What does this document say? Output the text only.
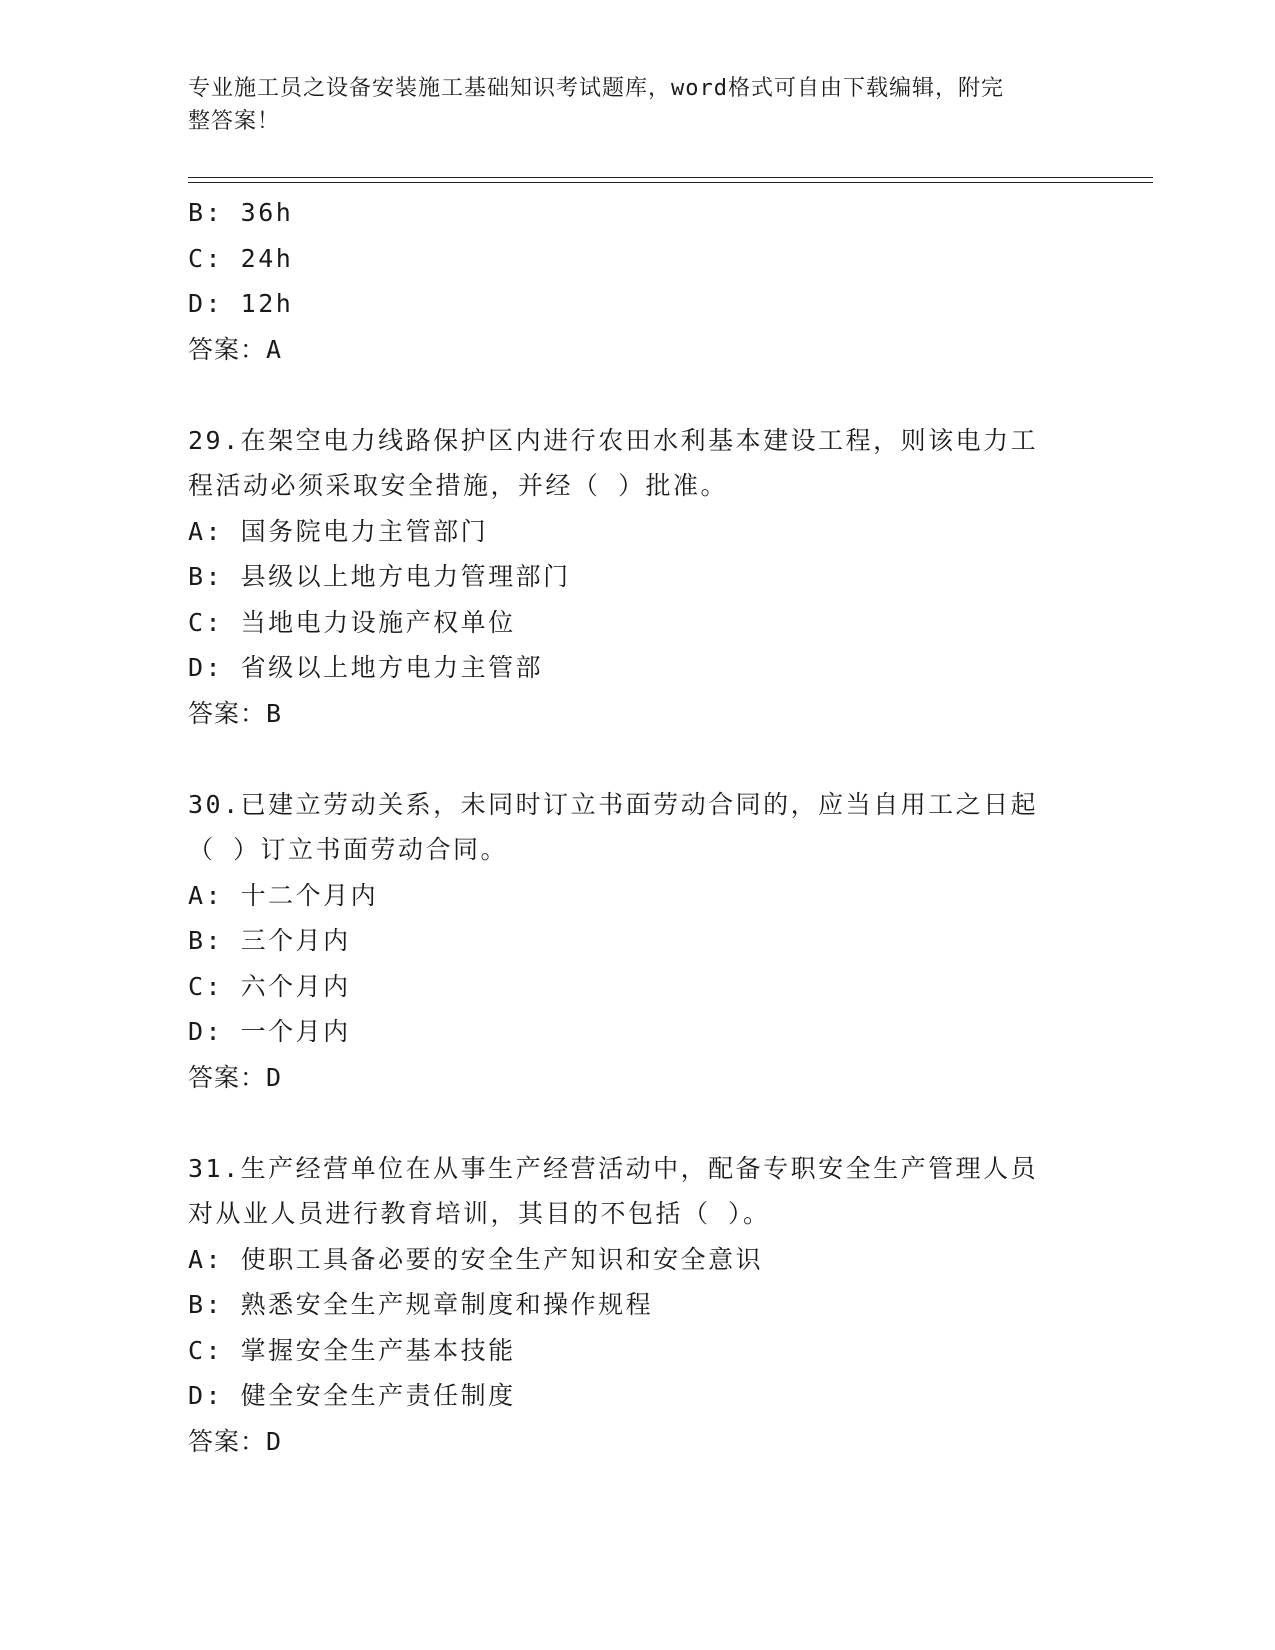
专业施工员之设备安装施工基础知识考试题库，word格式可自由下载编辑，附完
整答案！
B: 36h
C: 24h
D: 12h
答案：A
29.在架空电力线路保护区内进行农田水利基本建设工程，则该电力工
程活动必须采取安全措施，并经（ ）批准。
A: 国务院电力主管部门
B: 县级以上地方电力管理部门
C: 当地电力设施产权单位
D: 省级以上地方电力主管部
答案：B
30.已建立劳动关系，未同时订立书面劳动合同的，应当自用工之日起
（ ）订立书面劳动合同。
A: 十二个月内
B: 三个月内
C: 六个月内
D: 一个月内
答案：D
31.生产经营单位在从事生产经营活动中，配备专职安全生产管理人员
对从业人员进行教育培训，其目的不包括（ ）。
A: 使职工具备必要的安全生产知识和安全意识
B: 熟悉安全生产规章制度和操作规程
C: 掌握安全生产基本技能
D: 健全安全生产责任制度
答案：D
